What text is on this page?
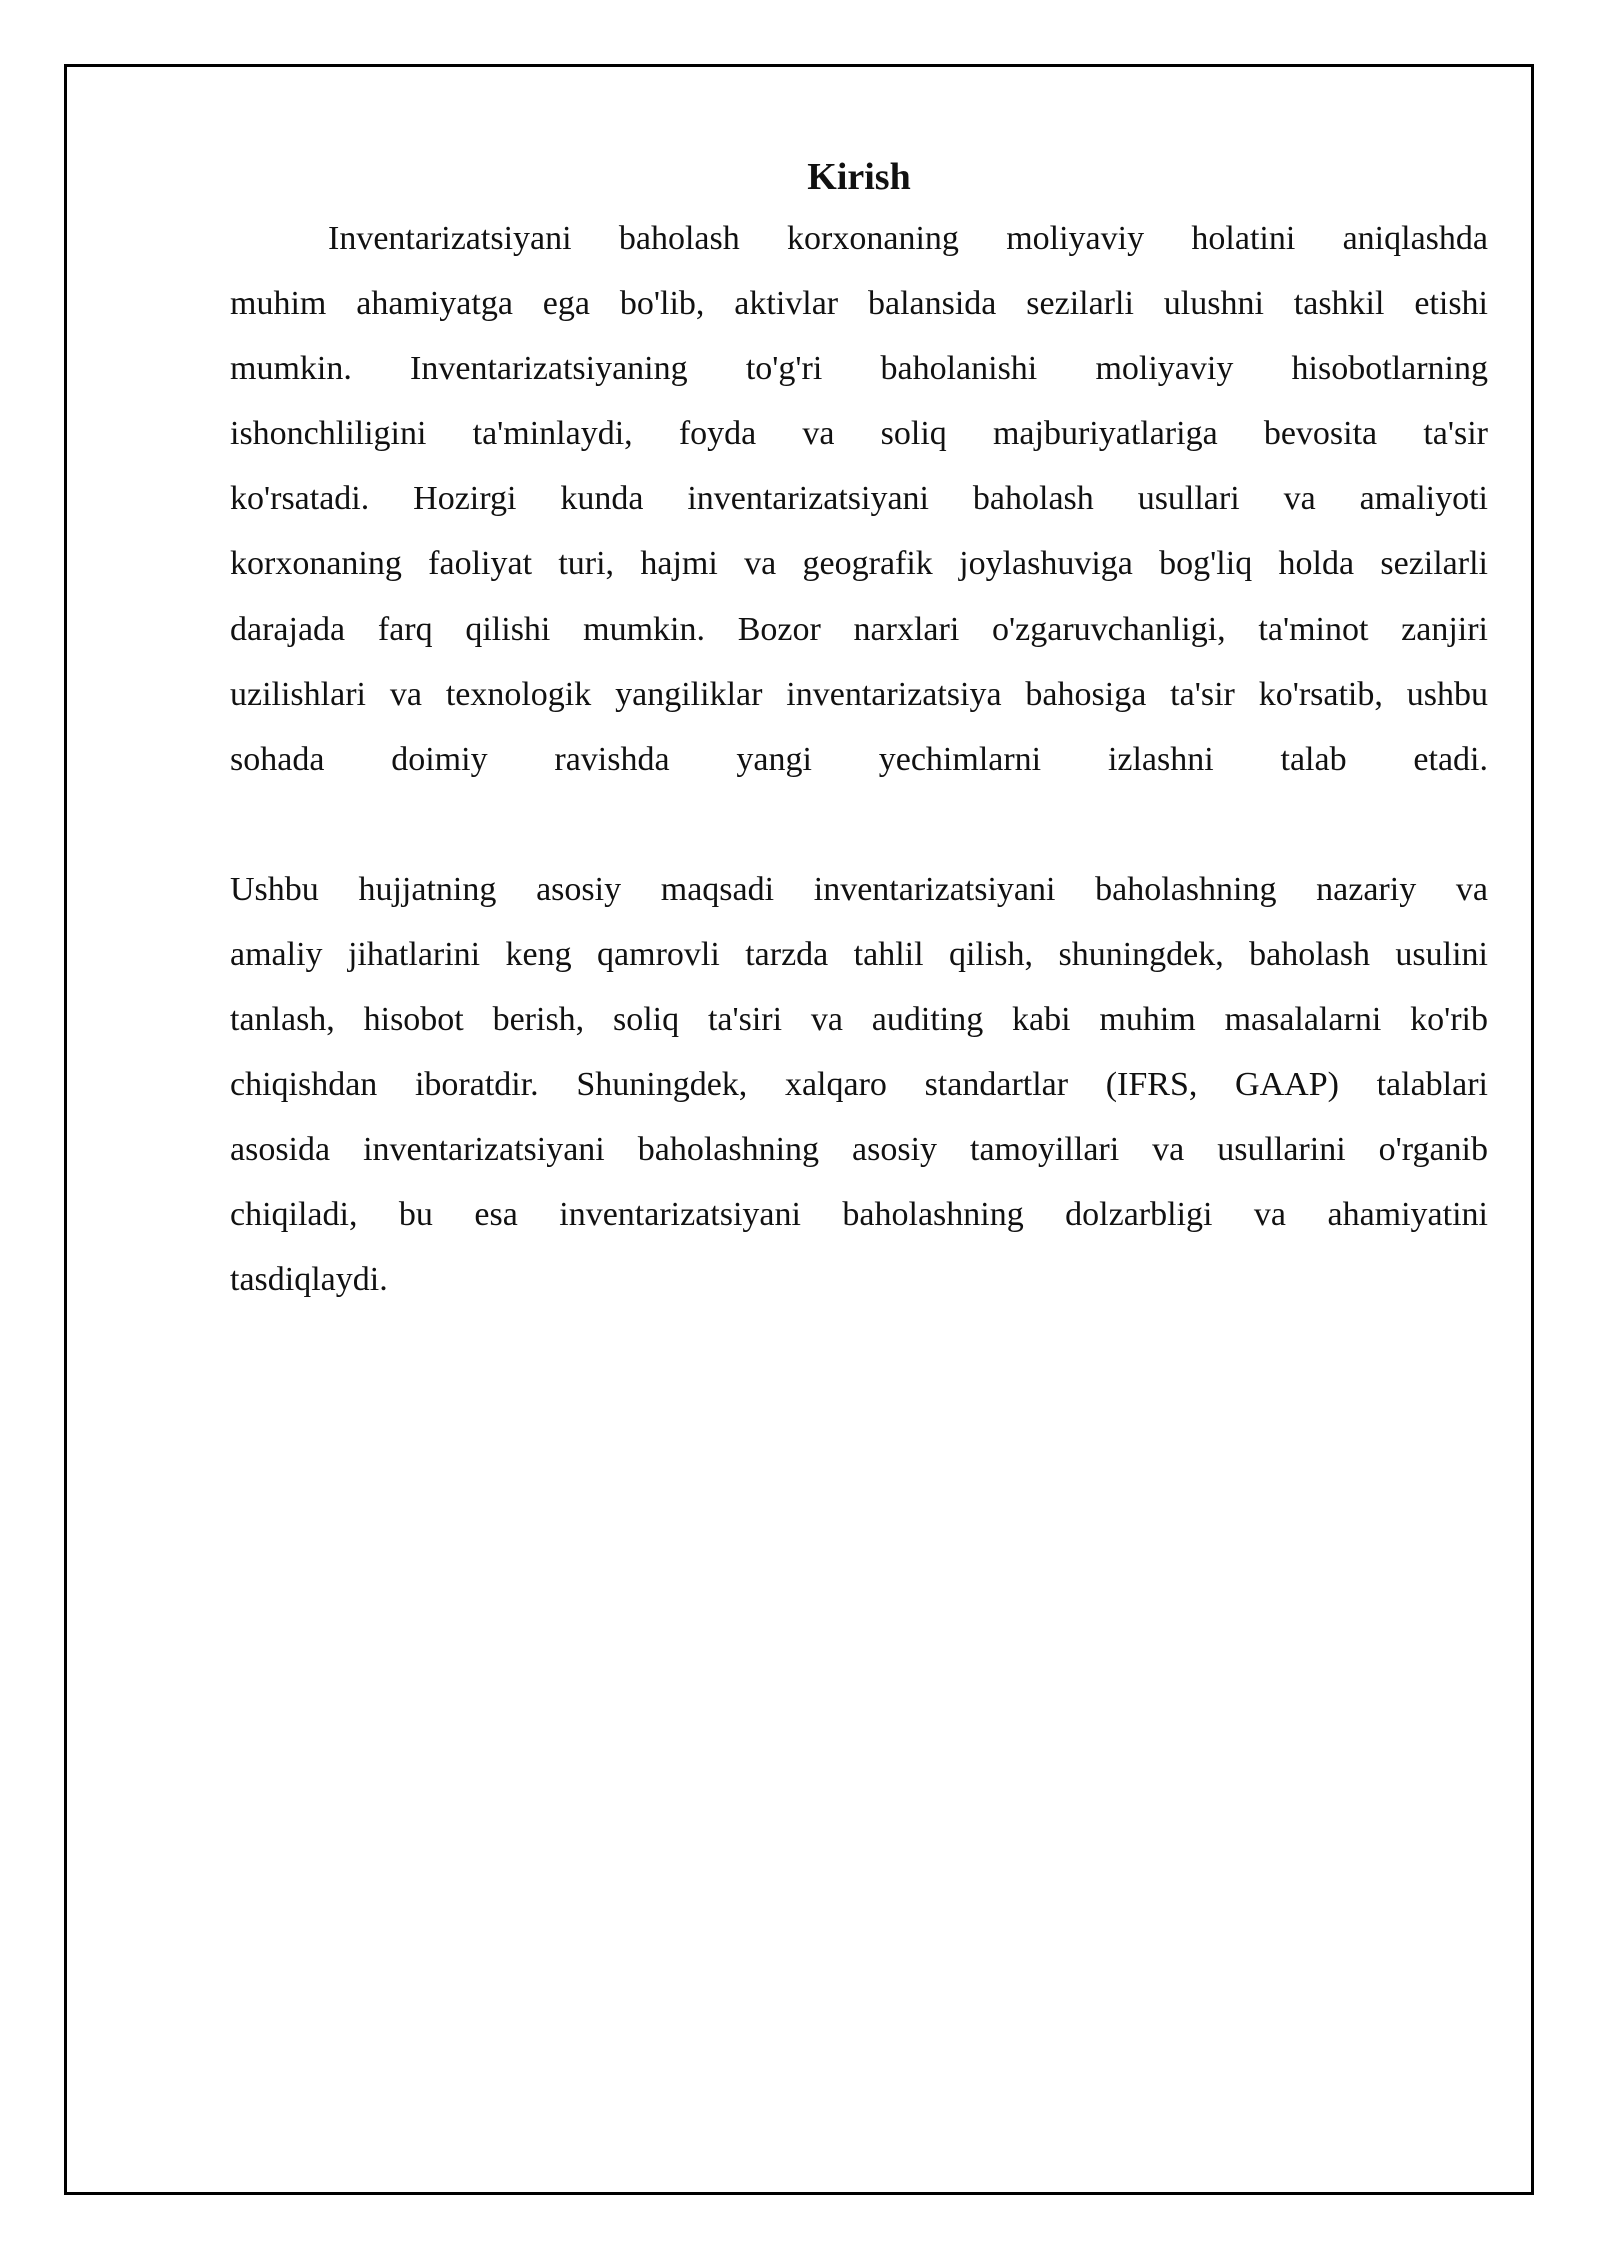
Kirish

Inventarizatsiyani baholash korxonaning moliyaviy holatini aniqlashda
muhim ahamiyatga ega bo'lib, aktivlar balansida sezilarli ulushni tashkil etishi
mumkin. Inventarizatsiyaning to'g'ri baholanishi moliyaviy hisobotlarning
ishonchliligini ta'minlaydi, foyda va soliq majburiyatlariga bevosita ta'sir
ko'rsatadi. Hozirgi kunda inventarizatsiyani baholash usullari va amaliyoti
korxonaning faoliyat turi, hajmi va geografik joylashuviga bog'liq holda sezilarli
darajada farq qilishi mumkin. Bozor narxlari o'zgaruvchanligi, ta'minot zanjiri
uzilishlari va texnologik yangiliklar inventarizatsiya bahosiga ta'sir ko'rsatib, ushbu
sohada doimiy ravishda yangi yechimlarni izlashni talab etadi.

Ushbu hujjatning asosiy maqsadi inventarizatsiyani baholashning nazariy va
amaliy jihatlarini keng qamrovli tarzda tahlil qilish, shuningdek, baholash usulini
tanlash, hisobot berish, soliq ta'siri va auditing kabi muhim masalalarni ko'rib
chiqishdan iboratdir. Shuningdek, xalqaro standartlar (IFRS, GAAP) talablari
asosida inventarizatsiyani baholashning asosiy tamoyillari va usullarini o'rganib
chiqiladi, bu esa inventarizatsiyani baholashning dolzarbligi va ahamiyatini
tasdiqlaydi.
